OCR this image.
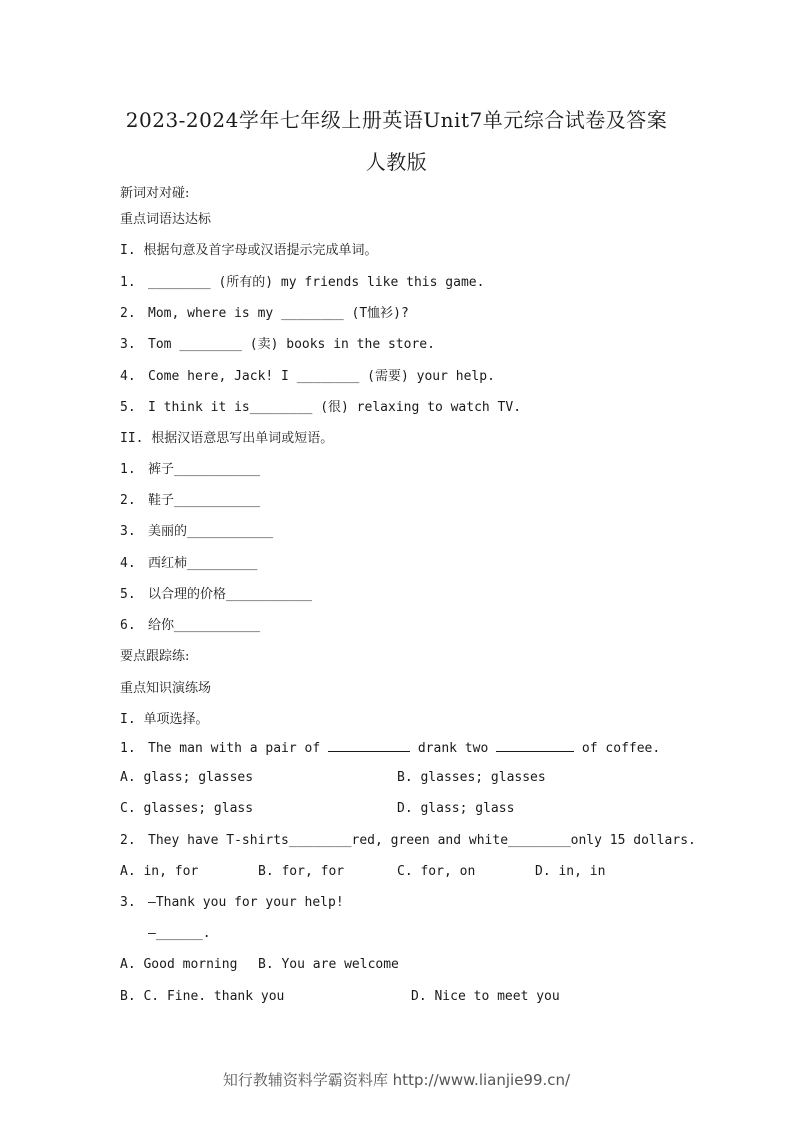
2023-2024学年七年级上册英语Unit7单元综合试卷及答案
人教版
新词对对碰:
重点词语达达标
I. 根据句意及首字母或汉语提示完成单词。
1. ________ (所有的) my friends like this game.
2. Mom, where is my ________ (T恤衫)?
3. Tom ________ (卖) books in the store.
4. Come here, Jack! I ________ (需要) your help.
5. I think it is________ (很) relaxing to watch TV.
II. 根据汉语意思写出单词或短语。
1. 裤子___________
2. 鞋子___________
3. 美丽的___________
4. 西红柿_________
5. 以合理的价格___________
6. 给你___________
要点跟踪练:
重点知识演练场
I. 单项选择。
1. The man with a pair of	drank two	of coffee.
A. glass; glasses	B. glasses; glasses
C. glasses; glass	D. glass; glass
2. They have T-shirts________red, green and white________only 15 dollars.
A. in, for	B. for, for	C. for, on	D. in, in
3. —Thank you for your help!
—______.
A. Good morning B. You are welcome
B. C. Fine. thank you	D. Nice to meet you
知行教辅资料学霸资料库 http://www.lianjie99.cn/
